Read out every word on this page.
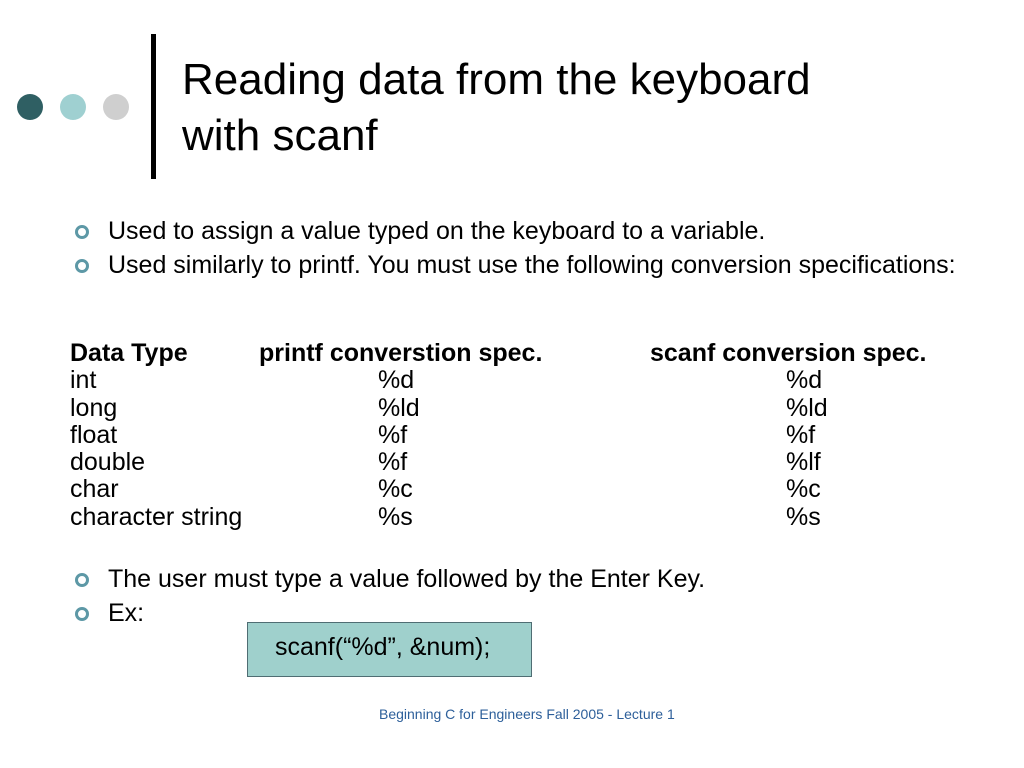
Reading data from the keyboard
with scanf
Used to assign a value typed on the keyboard to a variable.
Used similarly to printf. You must use the following conversion specifications:
Data Type	printf converstion spec.	scanf conversion spec.
int	%d	%d
long	%ld	%ld
float	%f	%f
double	%f	%lf
char	%c	%c
character string	%s	%s
The user must type a value followed by the Enter Key.
Ex:
scanf(“%d”, &num);
Beginning C for Engineers Fall 2005 - Lecture 1
